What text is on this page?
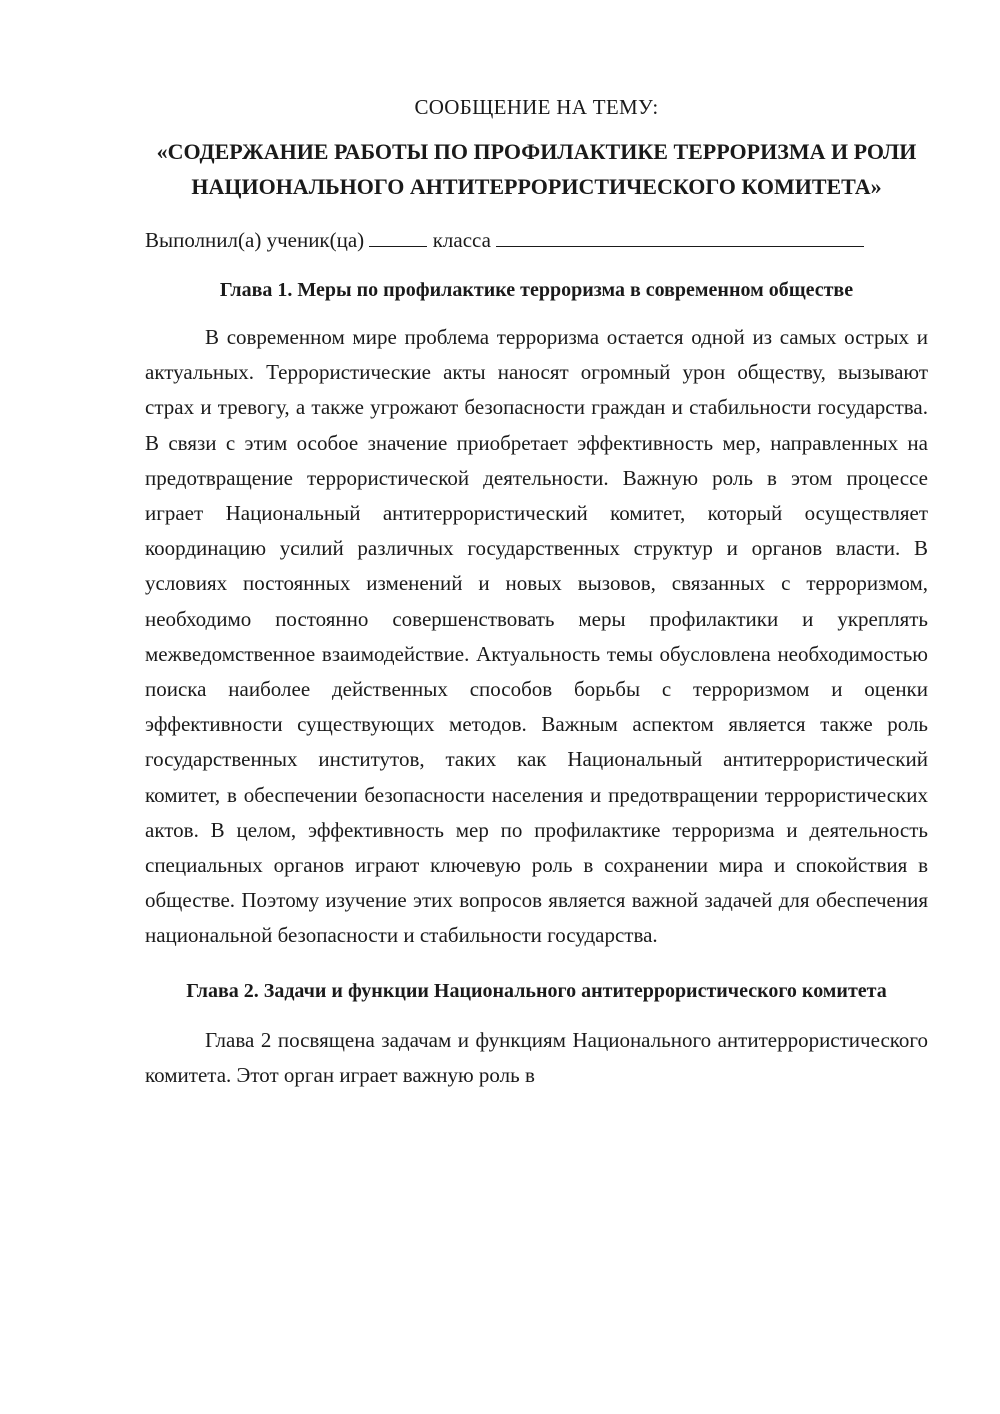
СООБЩЕНИЕ НА ТЕМУ:
«СОДЕРЖАНИЕ РАБОТЫ ПО ПРОФИЛАКТИКЕ ТЕРРОРИЗМА И РОЛИ НАЦИОНАЛЬНОГО АНТИТЕРРОРИСТИЧЕСКОГО КОМИТЕТА»
Выполнил(а) ученик(ца)	класса
Глава 1. Меры по профилактике терроризма в современном обществе

В современном мире проблема терроризма остается одной из самых острых и актуальных. Террористические акты наносят огромный урон обществу, вызывают страх и тревогу, а также угрожают безопасности граждан и стабильности государства. В связи с этим особое значение приобретает эффективность мер, направленных на предотвращение террористической деятельности. Важную роль в этом процессе играет Национальный антитеррористический комитет, который осуществляет координацию усилий различных государственных структур и органов власти. В условиях постоянных изменений и новых вызовов, связанных с терроризмом, необходимо постоянно совершенствовать меры профилактики и укреплять межведомственное взаимодействие. Актуальность темы обусловлена необходимостью поиска наиболее действенных способов борьбы с терроризмом и оценки эффективности существующих методов. Важным аспектом является также роль государственных институтов, таких как Национальный антитеррористический комитет, в обеспечении безопасности населения и предотвращении террористических актов. В целом, эффективность мер по профилактике терроризма и деятельность специальных органов играют ключевую роль в сохранении мира и спокойствия в обществе. Поэтому изучение этих вопросов является важной задачей для обеспечения национальной безопасности и стабильности государства.

Глава 2. Задачи и функции Национального антитеррористического комитета

Глава 2 посвящена задачам и функциям Национального антитеррористического комитета. Этот орган играет важную роль в
